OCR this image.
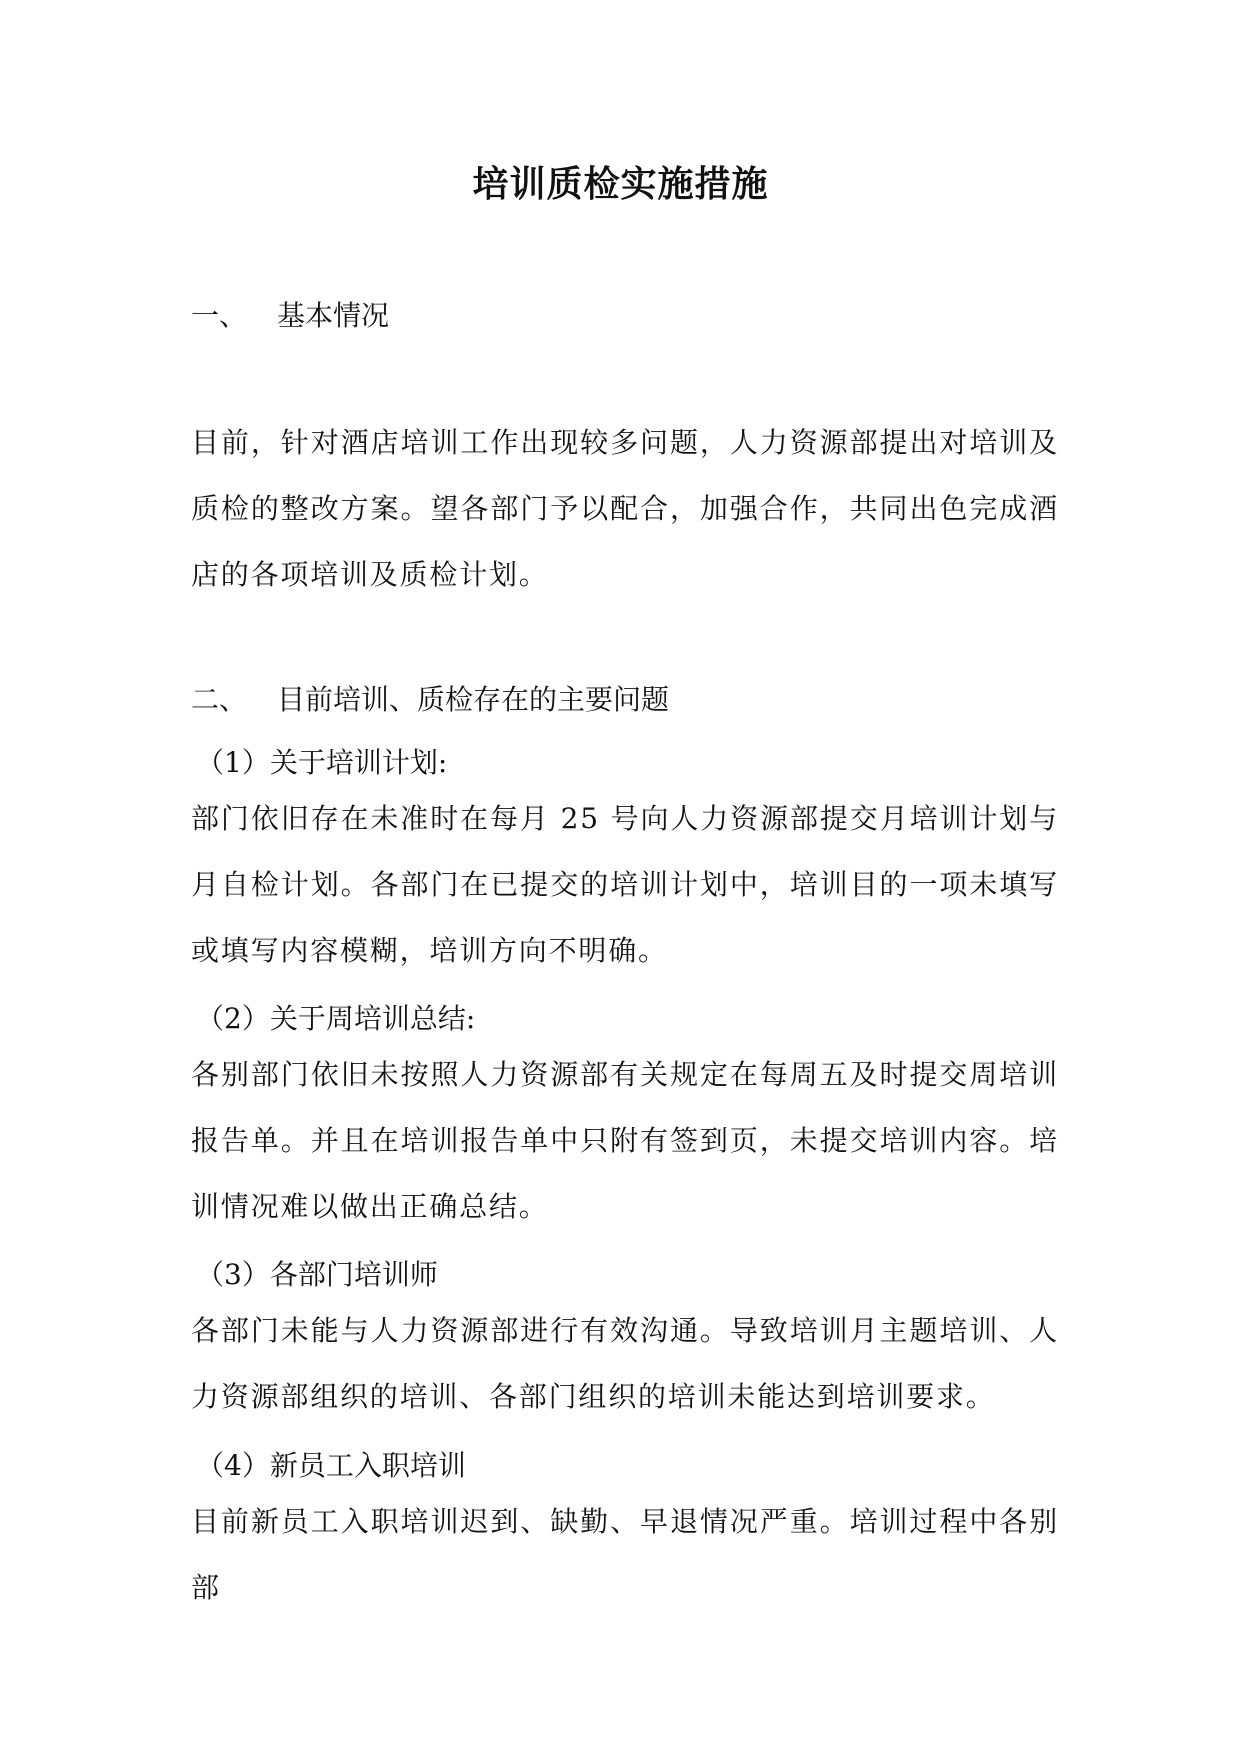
培训质检实施措施
一、 基本情况
目前，针对酒店培训工作出现较多问题，人力资源部提出对培训及质检的整改方案。望各部门予以配合，加强合作，共同出色完成酒店的各项培训及质检计划。
二、 目前培训、质检存在的主要问题
（1）关于培训计划:
部门依旧存在未准时在每月 25 号向人力资源部提交月培训计划与月自检计划。各部门在已提交的培训计划中，培训目的一项未填写或填写内容模糊，培训方向不明确。
（2）关于周培训总结:
各别部门依旧未按照人力资源部有关规定在每周五及时提交周培训报告单。并且在培训报告单中只附有签到页，未提交培训内容。培训情况难以做出正确总结。
（3）各部门培训师
各部门未能与人力资源部进行有效沟通。导致培训月主题培训、人力资源部组织的培训、各部门组织的培训未能达到培训要求。
（4）新员工入职培训
目前新员工入职培训迟到、缺勤、早退情况严重。培训过程中各别部
